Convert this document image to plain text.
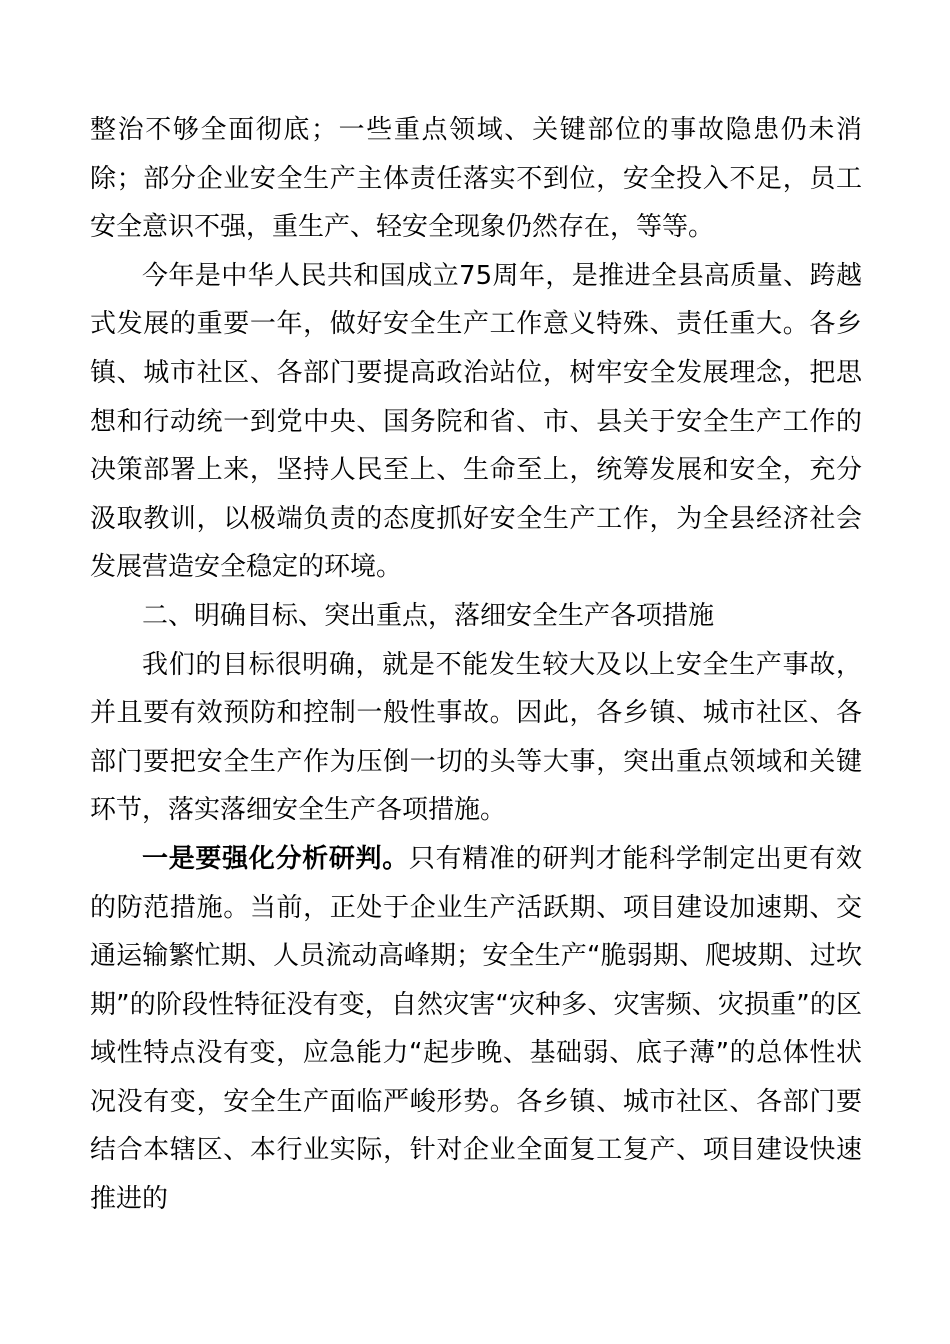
整治不够全面彻底；一些重点领域、关键部位的事故隐患仍未消除；部分企业安全生产主体责任落实不到位，安全投入不足，员工安全意识不强，重生产、轻安全现象仍然存在，等等。

今年是中华人民共和国成立75周年，是推进全县高质量、跨越式发展的重要一年，做好安全生产工作意义特殊、责任重大。各乡镇、城市社区、各部门要提高政治站位，树牢安全发展理念，把思想和行动统一到党中央、国务院和省、市、县关于安全生产工作的决策部署上来，坚持人民至上、生命至上，统筹发展和安全，充分汲取教训，以极端负责的态度抓好安全生产工作，为全县经济社会发展营造安全稳定的环境。

二、明确目标、突出重点，落细安全生产各项措施

我们的目标很明确，就是不能发生较大及以上安全生产事故，并且要有效预防和控制一般性事故。因此，各乡镇、城市社区、各部门要把安全生产作为压倒一切的头等大事，突出重点领域和关键环节，落实落细安全生产各项措施。

一是要强化分析研判。只有精准的研判才能科学制定出更有效的防范措施。当前，正处于企业生产活跃期、项目建设加速期、交通运输繁忙期、人员流动高峰期；安全生产“脆弱期、爬坡期、过坎期”的阶段性特征没有变，自然灾害“灾种多、灾害频、灾损重”的区域性特点没有变，应急能力“起步晚、基础弱、底子薄”的总体性状况没有变，安全生产面临严峻形势。各乡镇、城市社区、各部门要结合本辖区、本行业实际，针对企业全面复工复产、项目建设快速推进的
